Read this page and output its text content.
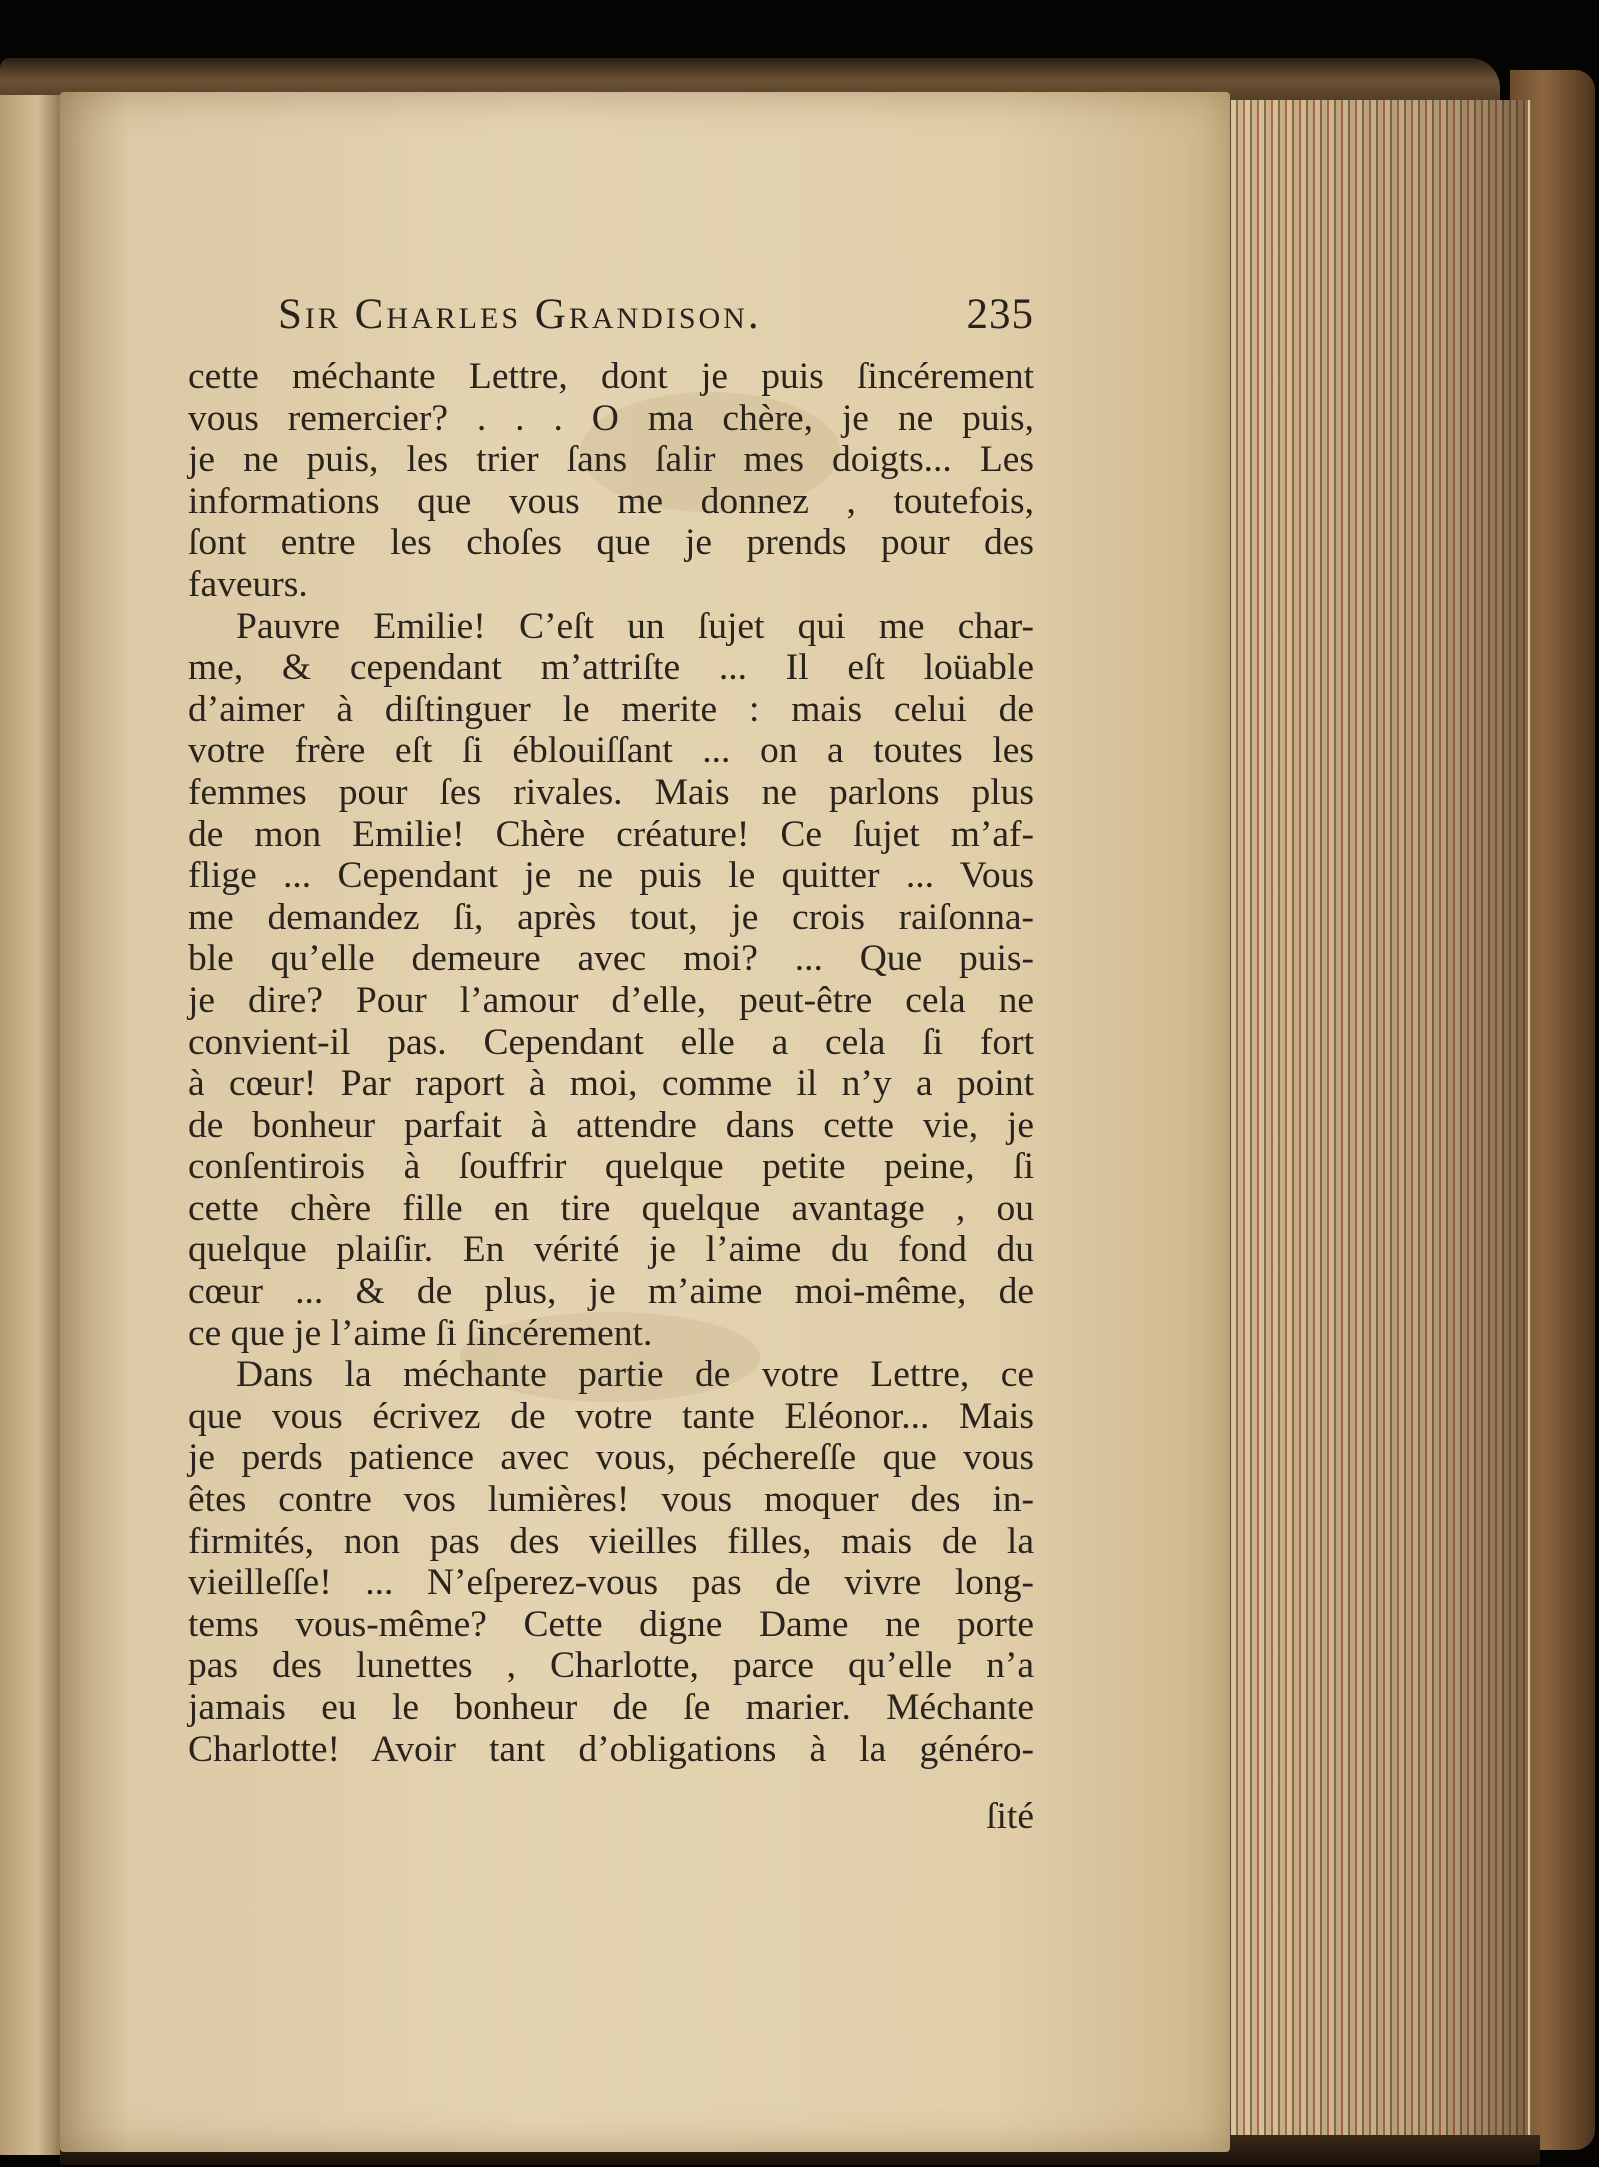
Sir Charles Grandison.	235
cette méchante Lettre, dont je puis ſincérement
vous remercier? . . . O ma chère, je ne puis,
je ne puis, les trier ſans ſalir mes doigts... Les
informations que vous me donnez , toutefois,
ſont entre les choſes que je prends pour des
faveurs.
Pauvre Emilie! C’eſt un ſujet qui me char-
me, & cependant m’attriſte ... Il eſt loüable
d’aimer à diſtinguer le merite : mais celui de
votre frère eſt ſi éblouiſſant ... on a toutes les
femmes pour ſes rivales. Mais ne parlons plus
de mon Emilie! Chère créature! Ce ſujet m’af-
flige ... Cependant je ne puis le quitter ... Vous
me demandez ſi, après tout, je crois raiſonna-
ble qu’elle demeure avec moi? ... Que puis-
je dire? Pour l’amour d’elle, peut-être cela ne
convient-il pas. Cependant elle a cela ſi fort
à cœur! Par raport à moi, comme il n’y a point
de bonheur parfait à attendre dans cette vie, je
conſentirois à ſouffrir quelque petite peine, ſi
cette chère fille en tire quelque avantage , ou
quelque plaiſir. En vérité je l’aime du fond du
cœur ... & de plus, je m’aime moi-même, de
ce que je l’aime ſi ſincérement.
Dans la méchante partie de votre Lettre, ce
que vous écrivez de votre tante Eléonor... Mais
je perds patience avec vous, péchereſſe que vous
êtes contre vos lumières! vous moquer des in-
firmités, non pas des vieilles filles, mais de la
vieilleſſe! ... N’eſperez-vous pas de vivre long-
tems vous-même? Cette digne Dame ne porte
pas des lunettes , Charlotte, parce qu’elle n’a
jamais eu le bonheur de ſe marier. Méchante
Charlotte! Avoir tant d’obligations à la généro-
ſité
